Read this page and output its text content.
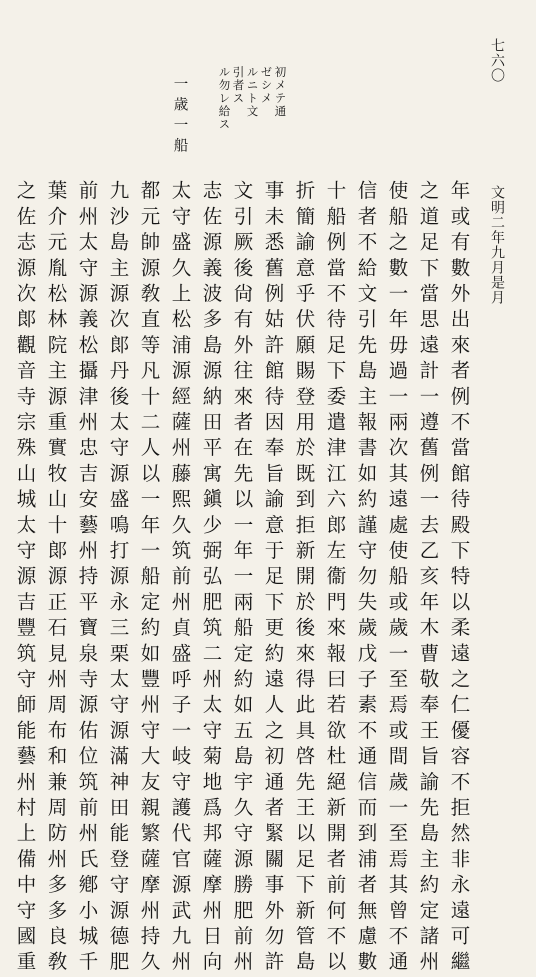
七六〇
文明二年九月是月
初メテ通
ゼシメ
ルニト文
引者ス
ル勿レ給ス
一歳一船
年或有數外出來者例不當館待殿下特以柔遠之仁優容不拒然非永遠可繼
之道足下當思遠計一遵舊例一去乙亥年木曹敬奉王旨諭先島主約定諸州
使船之數一年毋過一兩次其遠處使船或歲一至焉或間歲一至焉其曾不通
信者不給文引先島主報書如約謹守勿失歲戊子素不通信而到浦者無慮數
十船例當不待足下委遣津江六郎左衞門來報曰若欲杜絕新開者前何不以
折簡諭意乎伏願賜登用於既到拒新開於後來得此具啓先王以足下新管島
事未悉舊例姑許館待因奉旨諭意于足下更約遠人之初通者緊關事外勿許
文引厥後尙有外往來者在先以一年一兩船定約如五島宇久守源勝肥前州
志佐源義波多島源納田平寓鎭少弼弘肥筑二州太守菊地爲邦薩摩州日向
太守盛久上松浦源經薩州藤熙久筑前州貞盛呼子一岐守護代官源武九州
都元帥源敎直等凡十二人以一年一船定約如豐州守大友親繁薩摩州持久
九沙島主源次郞丹後太守源盛鳴打源永三栗太守源滿神田能登守源德肥
前州太守源義松攝津州忠吉安藝州持平寶泉寺源佑位筑前州氏鄕小城千
葉介元胤松林院主源重實牧山十郞源正石見州周布和兼周防州多多良敎
之佐志源次郞觀音寺宗殊山城太守源吉豐筑守師能藝州村上備中守國重
